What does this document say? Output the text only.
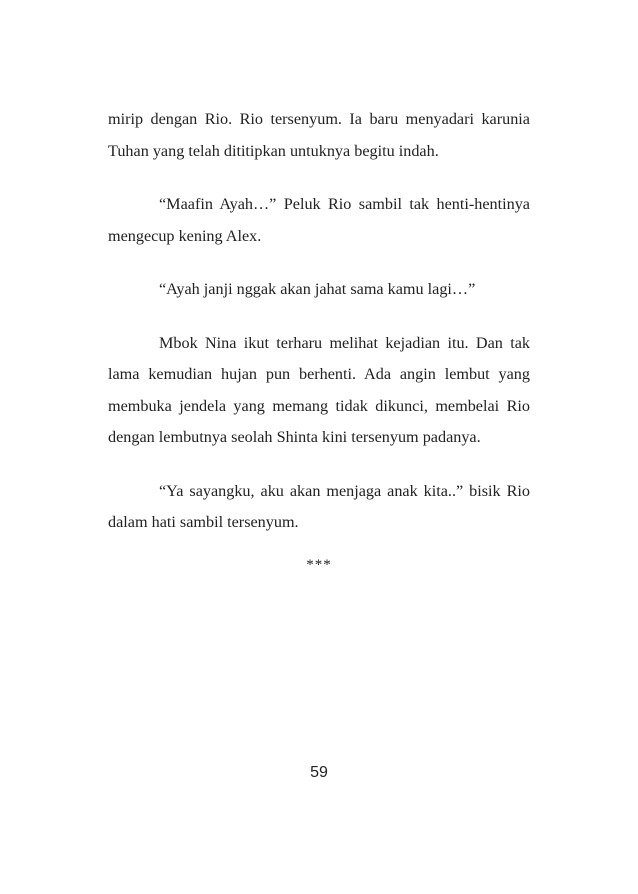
mirip dengan Rio. Rio tersenyum. Ia baru menyadari karunia Tuhan yang telah dititipkan untuknya begitu indah.

“Maafin Ayah…” Peluk Rio sambil tak henti-hentinya mengecup kening Alex.

“Ayah janji nggak akan jahat sama kamu lagi…”

Mbok Nina ikut terharu melihat kejadian itu. Dan tak lama kemudian hujan pun berhenti. Ada angin lembut yang membuka jendela yang memang tidak dikunci, membelai Rio dengan lembutnya seolah Shinta kini tersenyum padanya.

“Ya sayangku, aku akan menjaga anak kita..” bisik Rio dalam hati sambil tersenyum.

***
59
